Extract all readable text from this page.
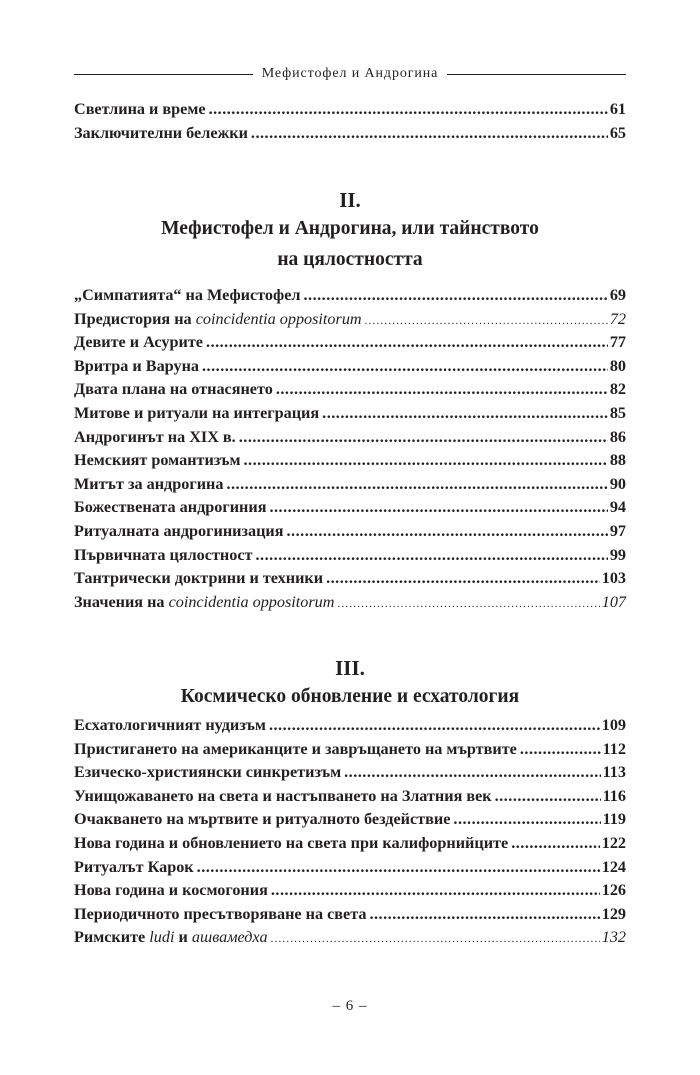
Мефистофел и Андрогина
Светлина и време .....	61
Заключителни бележки .....	65
II.
Мефистофел и Андрогина, или тайнството
на цялостността
„Симпатията“ на Мефистофел .....	69
Предистория на coincidentia oppositorum .....	72
Девите и Асурите .....	77
Вритра и Варуна .....	80
Двата плана на отнасянето .....	82
Митове и ритуали на интеграция .....	85
Андрогинът на XIX в. .....	86
Немският романтизъм .....	88
Митът за андрогина .....	90
Божествената андрогиния .....	94
Ритуалната андрогинизация .....	97
Първичната цялостност .....	99
Тантрически доктрини и техники .....	103
Значения на coincidentia oppositorum .....	107
III.
Космическо обновление и есхатология
Есхатологичният нудизъм .....	109
Пристигането на американците и завръщането на мъртвите .....	112
Езическо-християнски синкретизъм .....	113
Унищожаването на света и настъпването на Златния век .....	116
Очакването на мъртвите и ритуалното бездействие .....	119
Нова година и обновлението на света при калифорнийците .....	122
Ритуалът Карок .....	124
Нова година и космогония .....	126
Периодичното пресътворяване на света .....	129
Римските ludi и ашвамедха .....	132
– 6 –
